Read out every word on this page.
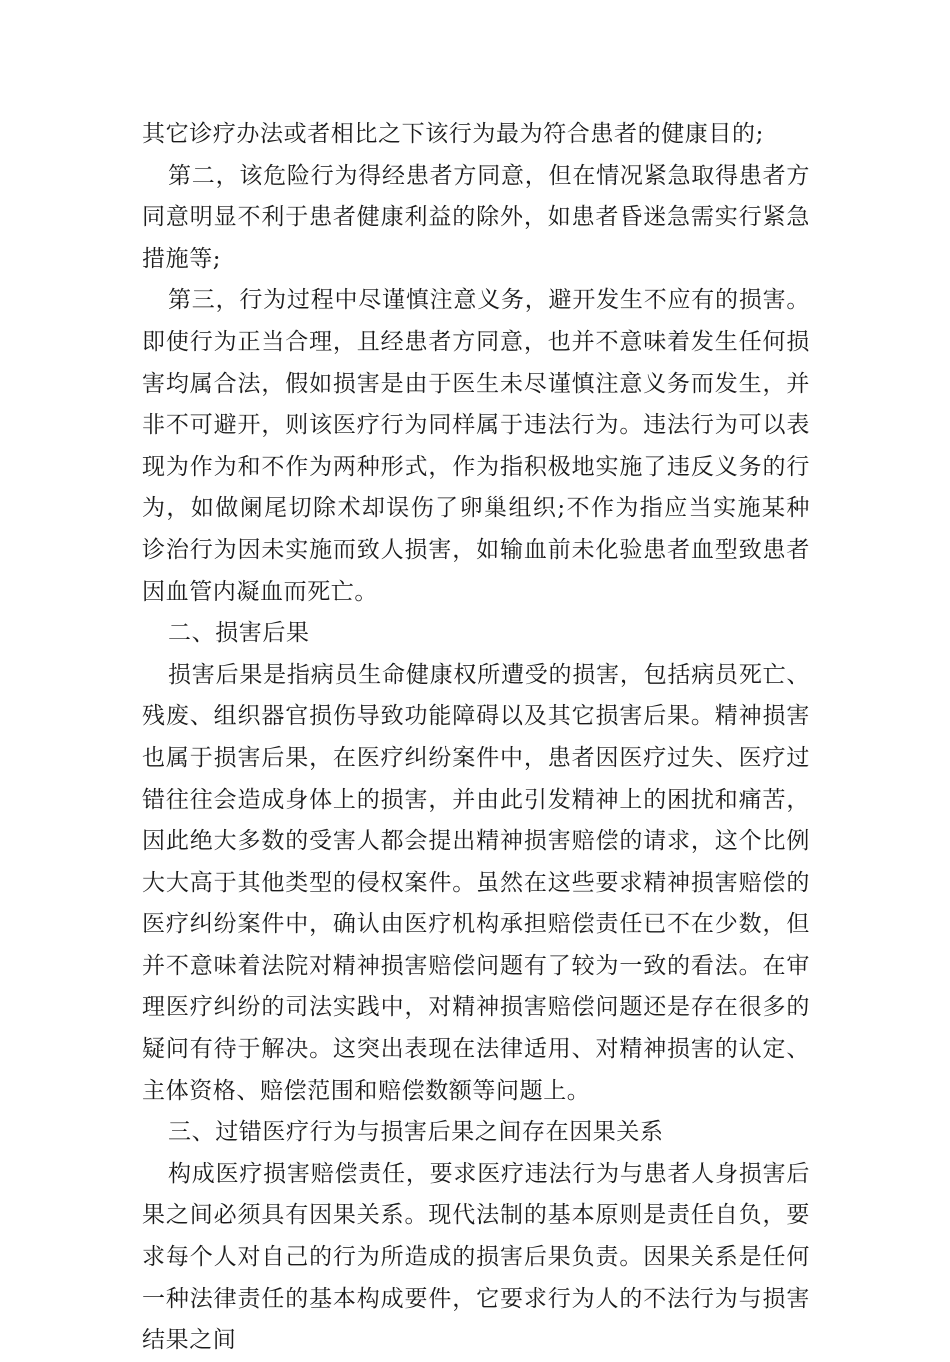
其它诊疗办法或者相比之下该行为最为符合患者的健康目的;

第二，该危险行为得经患者方同意，但在情况紧急取得患者方同意明显不利于患者健康利益的除外，如患者昏迷急需实行紧急措施等;

第三，行为过程中尽谨慎注意义务，避开发生不应有的损害。即使行为正当合理，且经患者方同意，也并不意味着发生任何损害均属合法，假如损害是由于医生未尽谨慎注意义务而发生，并非不可避开，则该医疗行为同样属于违法行为。违法行为可以表现为作为和不作为两种形式，作为指积极地实施了违反义务的行为，如做阑尾切除术却误伤了卵巢组织;不作为指应当实施某种诊治行为因未实施而致人损害，如输血前未化验患者血型致患者因血管内凝血而死亡。

二、损害后果

损害后果是指病员生命健康权所遭受的损害，包括病员死亡、残废、组织器官损伤导致功能障碍以及其它损害后果。精神损害也属于损害后果，在医疗纠纷案件中，患者因医疗过失、医疗过错往往会造成身体上的损害，并由此引发精神上的困扰和痛苦，因此绝大多数的受害人都会提出精神损害赔偿的请求，这个比例大大高于其他类型的侵权案件。虽然在这些要求精神损害赔偿的医疗纠纷案件中，确认由医疗机构承担赔偿责任已不在少数，但并不意味着法院对精神损害赔偿问题有了较为一致的看法。在审理医疗纠纷的司法实践中，对精神损害赔偿问题还是存在很多的疑问有待于解决。这突出表现在法律适用、对精神损害的认定、主体资格、赔偿范围和赔偿数额等问题上。

三、过错医疗行为与损害后果之间存在因果关系

构成医疗损害赔偿责任，要求医疗违法行为与患者人身损害后果之间必须具有因果关系。现代法制的基本原则是责任自负，要求每个人对自己的行为所造成的损害后果负责。因果关系是任何一种法律责任的基本构成要件，它要求行为人的不法行为与损害结果之间
